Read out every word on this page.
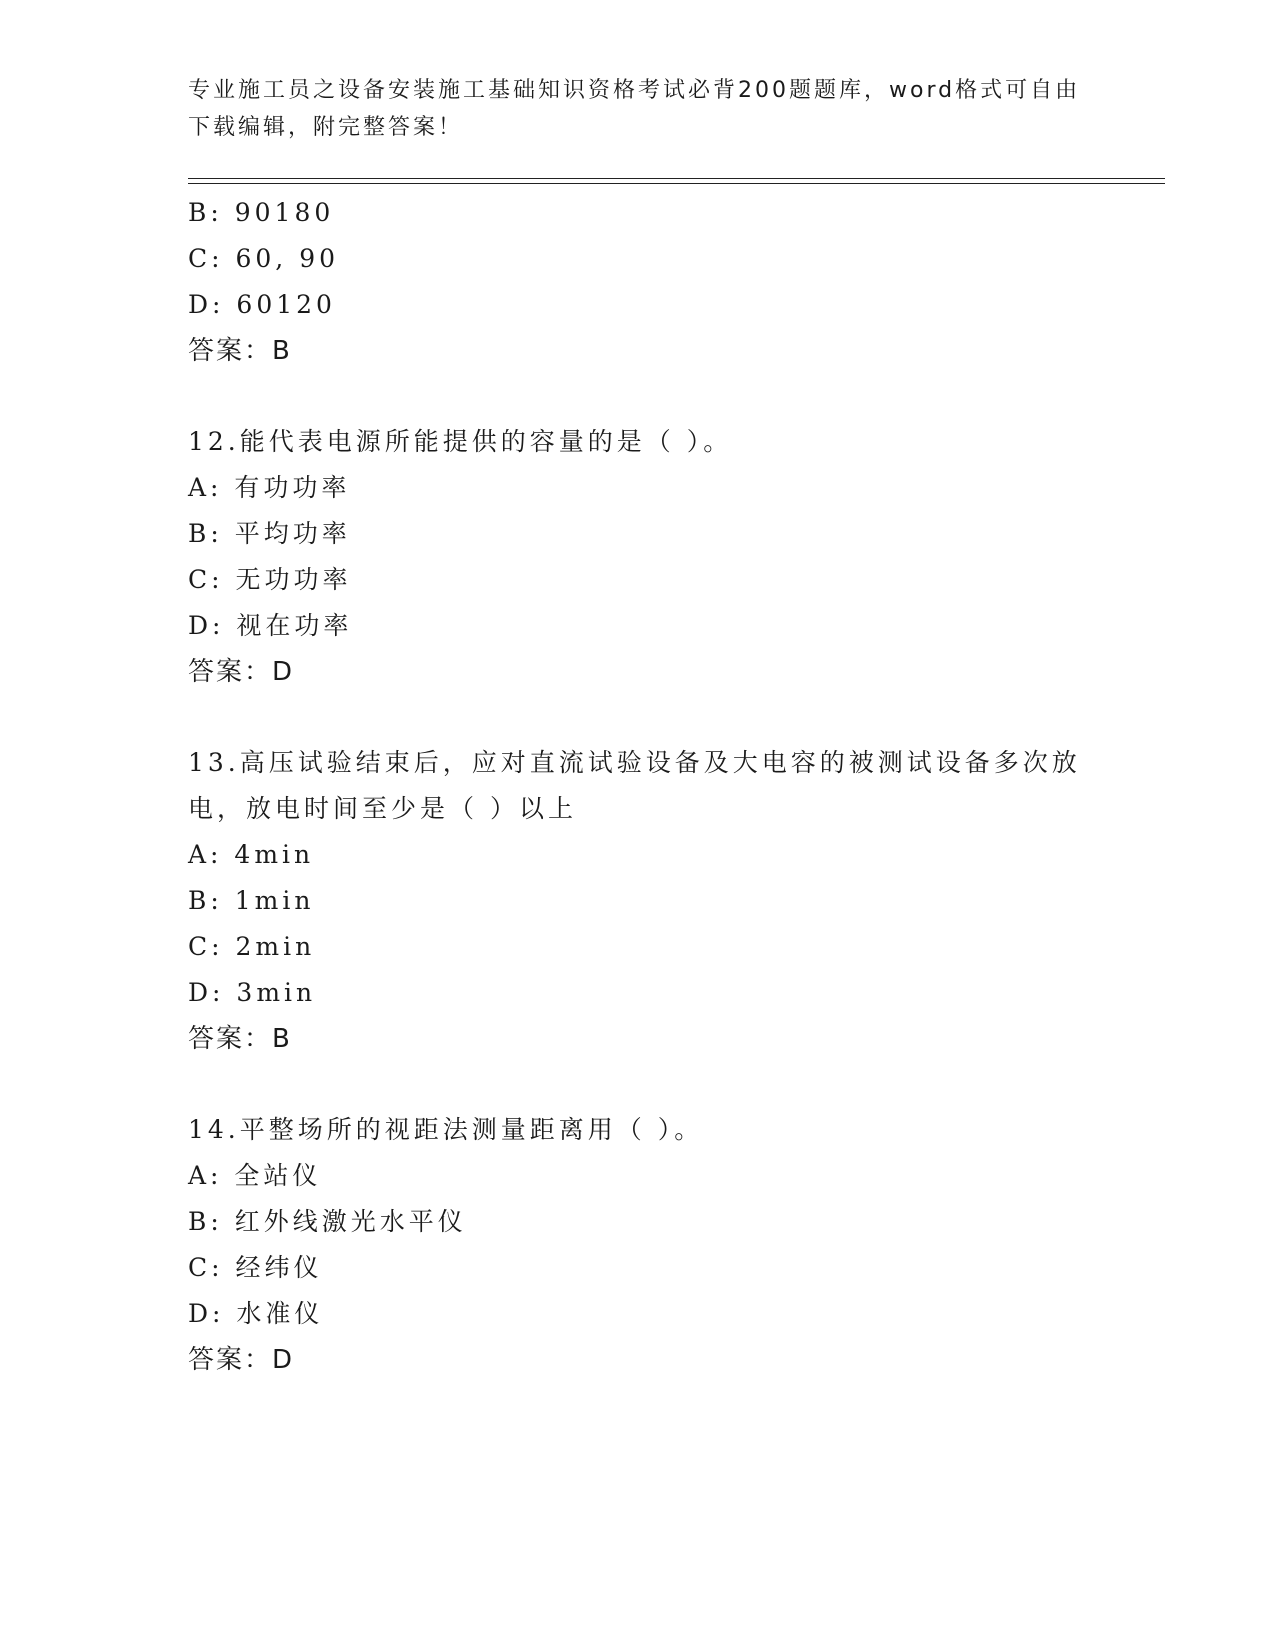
专业施工员之设备安装施工基础知识资格考试必背200题题库，word格式可自由
下载编辑，附完整答案！
B: 90180
C: 60, 90
D: 60120
答案：B
12.能代表电源所能提供的容量的是（ ）。
A: 有功功率
B: 平均功率
C: 无功功率
D: 视在功率
答案：D
13.高压试验结束后，应对直流试验设备及大电容的被测试设备多次放
电，放电时间至少是（ ）以上
A: 4min
B: 1min
C: 2min
D: 3min
答案：B
14.平整场所的视距法测量距离用（ ）。
A: 全站仪
B: 红外线激光水平仪
C: 经纬仪
D: 水准仪
答案：D
